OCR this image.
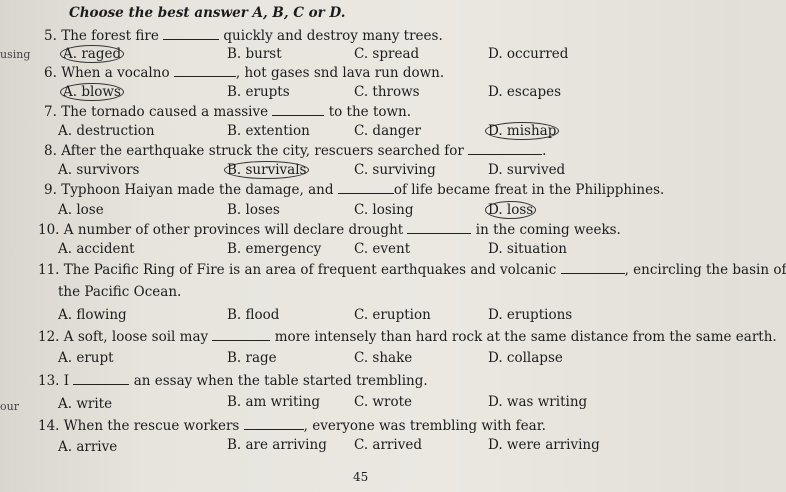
Choose the best answer A, B, C or D.
using
our
5. The forest fire	quickly and destroy many trees.
A. raged	B. burst	C. spread	D. occurred
6. When a vocalno	, hot gases snd lava run down.
A. blows	B. erupts	C. throws	D. escapes
7. The tornado caused a massive	to the town.
A. destruction	B. extention	C. danger	D. mishap
8. After the earthquake struck the city, rescuers searched for	.
A. survivors	B. survivals	C. surviving	D. survived
9. Typhoon Haiyan made the damage, and	of life became freat in the Philipphines.
A. lose	B. loses	C. losing	D. loss
10. A number of other provinces will declare drought	in the coming weeks.
A. accident	B. emergency C. event	D. situation
11. The Pacific Ring of Fire is an area of frequent earthquakes and volcanic	, encircling the basin of
the Pacific Ocean.
A. flowing	B. flood	C. eruption	D. eruptions
12. A soft, loose soil may	more intensely than hard rock at the same distance from the same earth.
A. erupt	B. rage	C. shake	D. collapse
13. I	an essay when the table started trembling.
A. write	B. am writing	C. wrote	D. was writing
14. When the rescue workers	, everyone was trembling with fear.
A. arrive	B. are arriving C. arrived	D. were arriving
45
